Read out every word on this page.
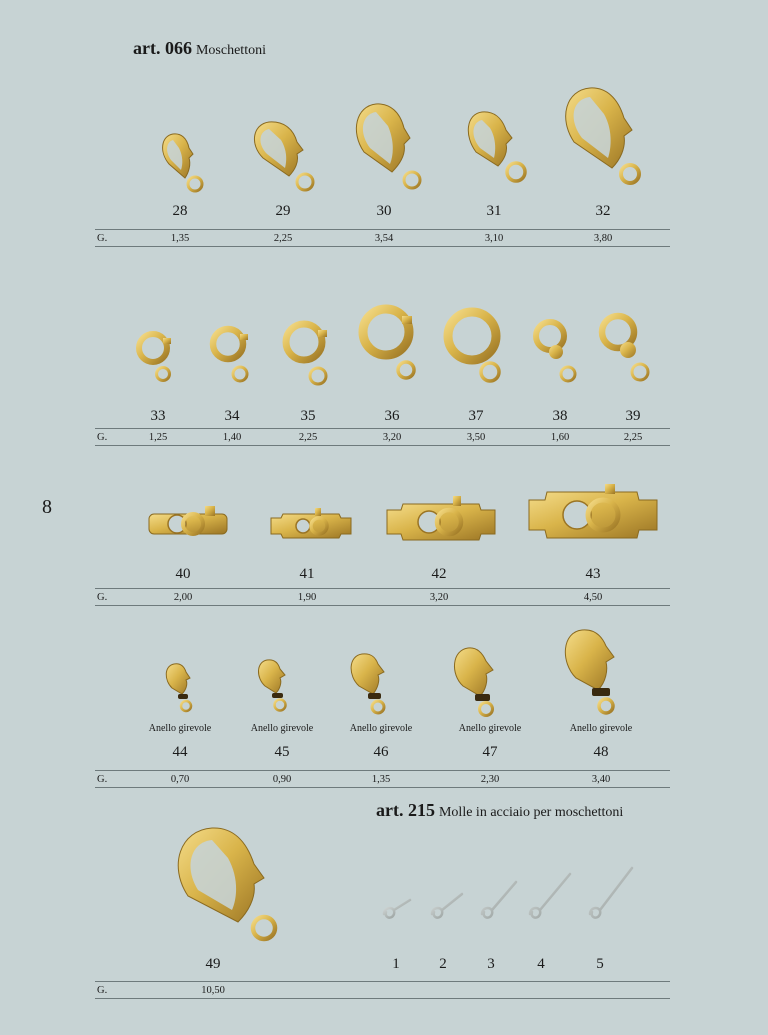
8
art. 066 Moschettoni
28	29	30	31	32
G.	1,35	2,25	3,54	3,10	3,80
33	34	35	36	37	38	39
G.	1,25	1,40	2,25	3,20	3,50	1,60	2,25
40	41	42	43
G.	2,00	1,90	3,20	4,50
Anello girevole	Anello girevole	Anello girevole	Anello girevole	Anello girevole
44	45	46	47	48
G.	0,70	0,90	1,35	2,30	3,40
art. 215 Molle in acciaio per moschettoni
49	1	2	3	4	5
G.	10,50
